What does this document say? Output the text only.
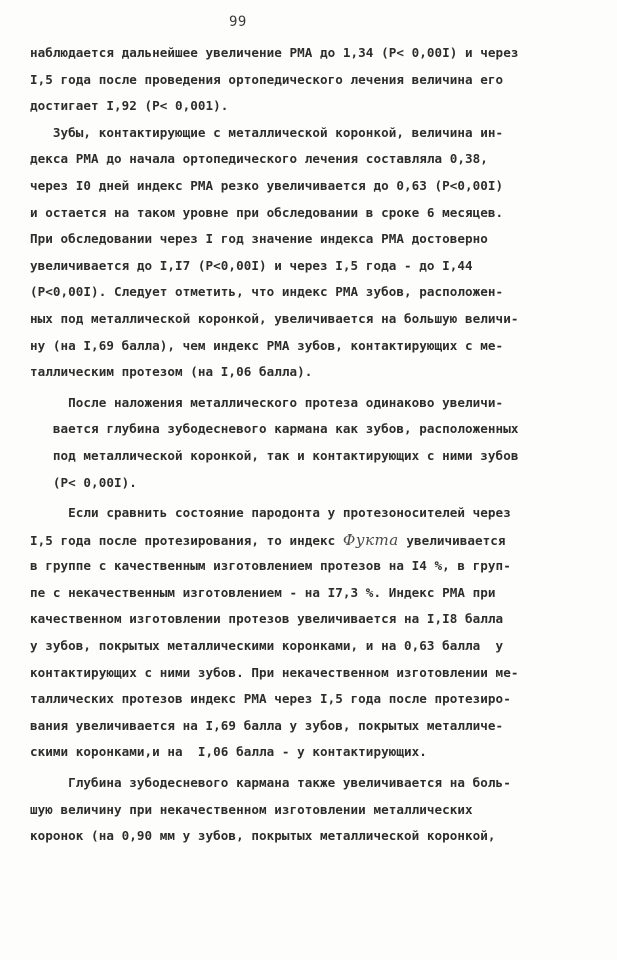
99
наблюдается дальнейшее увеличение РМА до 1,34 (Р< 0,00I) и через
I,5 года после проведения ортопедического лечения величина его
достигает I,92 (Р< 0,001).
Зубы, контактирующие с металлической коронкой, величина ин-
декса РМА до начала ортопедического лечения составляла 0,38,
через I0 дней индекс РМА резко увеличивается до 0,63 (Р<0,00I)
и остается на таком уровне при обследовании в сроке 6 месяцев.
При обследовании через I год значение индекса РМА достоверно
увеличивается до I,I7 (Р<0,00I) и через I,5 года - до I,44
(Р<0,00I). Следует отметить, что индекс РМА зубов, расположен-
ных под металлической коронкой, увеличивается на большую величи-
ну (на I,69 балла), чем индекс РМА зубов, контактирующих с ме-
таллическим протезом (на I,06 балла).
После наложения металлического протеза одинаково увеличи-
вается глубина зубодесневого кармана как зубов, расположенных
под металлической коронкой, так и контактирующих с ними зубов
(Р< 0,00I).
Если сравнить состояние пародонта у протезоносителей через
I,5 года после протезирования, то индекс Фукта увеличивается
в группе с качественным изготовлением протезов на I4 %, в груп-
пе с некачественным изготовлением - на I7,3 %. Индекс РМА при
качественном изготовлении протезов увеличивается на I,I8 балла
у зубов, покрытых металлическими коронками, и на 0,63 балла  у
контактирующих с ними зубов. При некачественном изготовлении ме-
таллических протезов индекс РМА через I,5 года после протезиро-
вания увеличивается на I,69 балла у зубов, покрытых металличе-
скими коронками,и на  I,06 балла - у контактирующих.
Глубина зубодесневого кармана также увеличивается на боль-
шую величину при некачественном изготовлении металлических
коронок (на 0,90 мм у зубов, покрытых металлической коронкой,
